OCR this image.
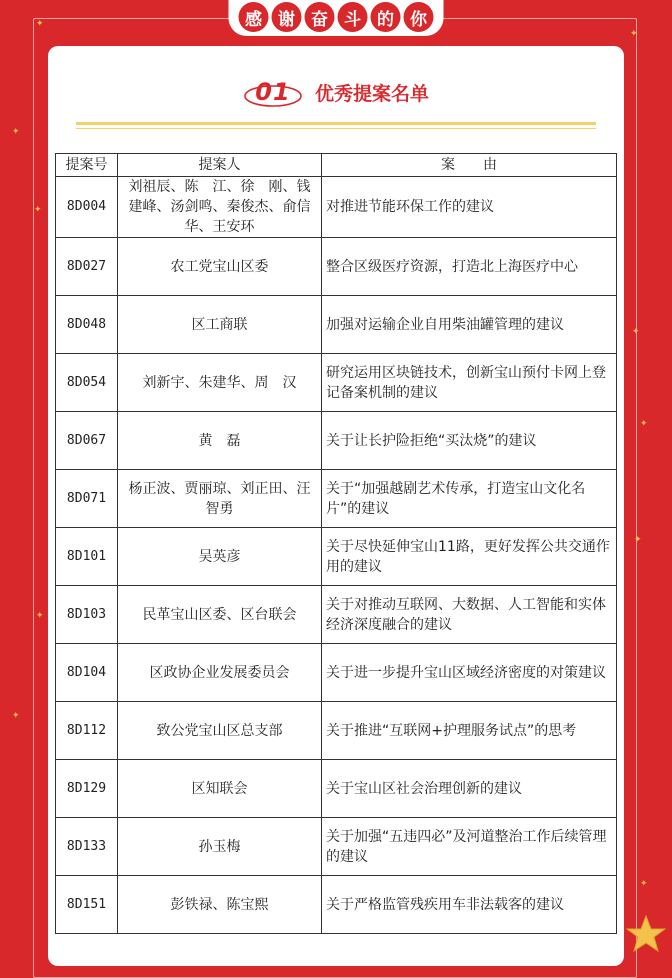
✦
✦
✦
✦
✦
✦
✦
✦
✦
✦
感 谢 奋 斗 的 你
01 优秀提案名单
提案号	提案人	案　　由
8D004	刘祖辰、陈　江、徐　刚、钱建峰、汤剑鸣、秦俊杰、俞信华、王安环	对推进节能环保工作的建议
8D027	农工党宝山区委	整合区级医疗资源，打造北上海医疗中心
8D048	区工商联	加强对运输企业自用柴油罐管理的建议
8D054	刘新宇、朱建华、周　汉	研究运用区块链技术，创新宝山预付卡网上登记备案机制的建议
8D067	黄　磊	关于让长护险拒绝“买汰烧”的建议
8D071	杨正波、贾丽琼、刘正田、汪智勇	关于“加强越剧艺术传承，打造宝山文化名片”的建议
8D101	吴英彦	关于尽快延伸宝山11路，更好发挥公共交通作用的建议
8D103	民革宝山区委、区台联会	关于对推动互联网、大数据、人工智能和实体经济深度融合的建议
8D104	区政协企业发展委员会	关于进一步提升宝山区域经济密度的对策建议
8D112	致公党宝山区总支部	关于推进“互联网+护理服务试点”的思考
8D129	区知联会	关于宝山区社会治理创新的建议
8D133	孙玉梅	关于加强“五违四必”及河道整治工作后续管理的建议
8D151	彭铁禄、陈宝熙	关于严格监管残疾用车非法载客的建议
